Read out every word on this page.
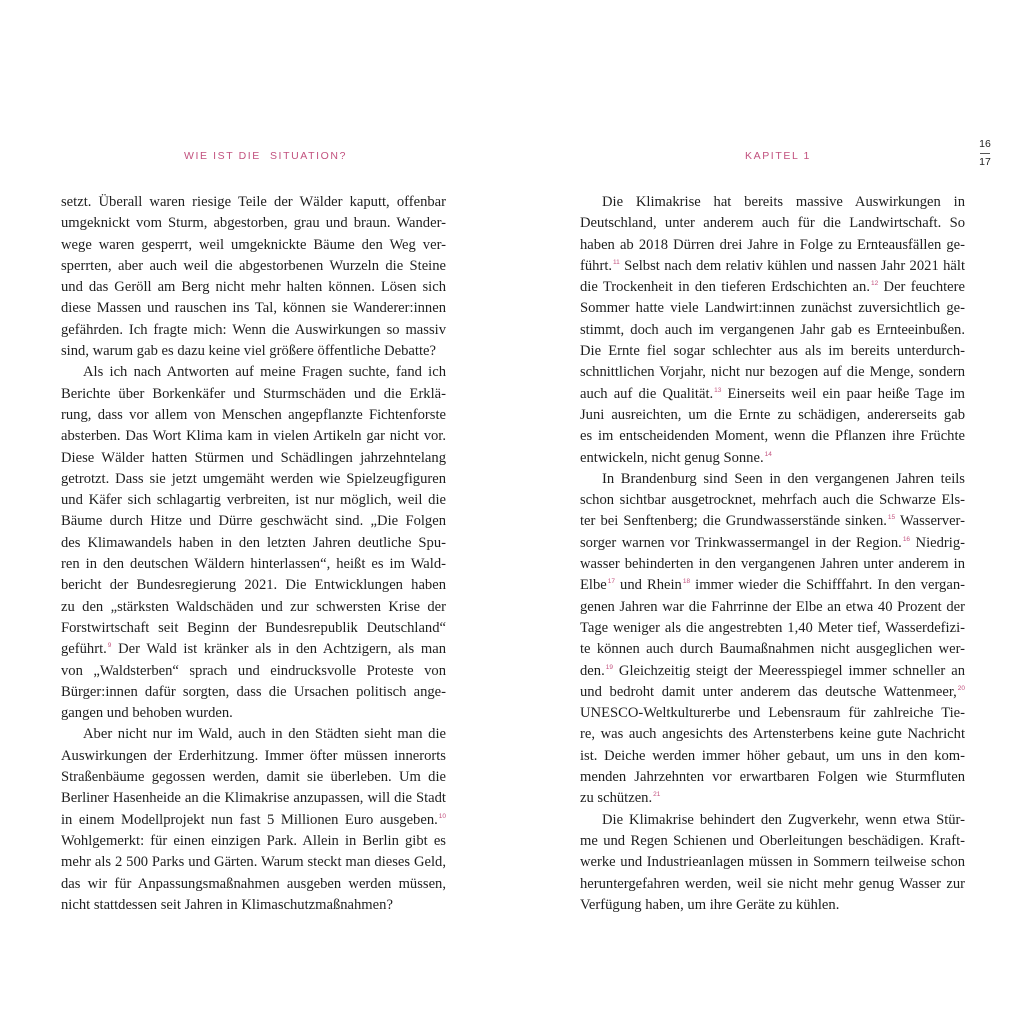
WIE IST DIE  SITUATION?	KAPITEL 1
16
17
setzt. Überall waren riesige Teile der Wälder kaputt, offenbar
umgeknickt vom Sturm, abgestorben, grau und braun. Wander-
wege waren gesperrt, weil umgeknickte Bäume den Weg ver-
sperrten, aber auch weil die abgestorbenen Wurzeln die Steine
und das Geröll am Berg nicht mehr halten können. Lösen sich
diese Massen und rauschen ins Tal, können sie Wanderer:innen
gefährden. Ich fragte mich: Wenn die Auswirkungen so massiv
sind, warum gab es dazu keine viel größere öffentliche Debatte?
Als ich nach Antworten auf meine Fragen suchte, fand ich
Berichte über Borkenkäfer und Sturmschäden und die Erklä-
rung, dass vor allem von Menschen angepflanzte Fichtenforste
absterben. Das Wort Klima kam in vielen Artikeln gar nicht vor.
Diese Wälder hatten Stürmen und Schädlingen jahrzehntelang
getrotzt. Dass sie jetzt umgemäht werden wie Spielzeugfiguren
und Käfer sich schlagartig verbreiten, ist nur möglich, weil die
Bäume durch Hitze und Dürre geschwächt sind. „Die Folgen
des Klimawandels haben in den letzten Jahren deutliche Spu-
ren in den deutschen Wäldern hinterlassen“, heißt es im Wald-
bericht der Bundesregierung 2021. Die Entwicklungen haben
zu den „stärksten Waldschäden und zur schwersten Krise der
Forstwirtschaft seit Beginn der Bundesrepublik Deutschland“
geführt.$^9$ Der Wald ist kränker als in den Achtzigern, als man
von „Waldsterben“ sprach und eindrucksvolle Proteste von
Bürger:innen dafür sorgten, dass die Ursachen politisch ange-
gangen und behoben wurden.
Aber nicht nur im Wald, auch in den Städten sieht man die
Auswirkungen der Erderhitzung. Immer öfter müssen innerorts
Straßenbäume gegossen werden, damit sie überleben. Um die
Berliner Hasenheide an die Klimakrise anzupassen, will die Stadt
in einem Modellprojekt nun fast 5 Millionen Euro ausgeben.$^{10}$
Wohlgemerkt: für einen einzigen Park. Allein in Berlin gibt es
mehr als 2 500 Parks und Gärten. Warum steckt man dieses Geld,
das wir für Anpassungsmaßnahmen ausgeben werden müssen,
nicht stattdessen seit Jahren in Klimaschutzmaßnahmen?
Die Klimakrise hat bereits massive Auswirkungen in
Deutschland, unter anderem auch für die Landwirtschaft. So
haben ab 2018 Dürren drei Jahre in Folge zu Ernteausfällen ge-
führt.$^{11}$ Selbst nach dem relativ kühlen und nassen Jahr 2021 hält
die Trockenheit in den tieferen Erdschichten an.$^{12}$ Der feuchtere
Sommer hatte viele Landwirt:innen zunächst zuversichtlich ge-
stimmt, doch auch im vergangenen Jahr gab es Ernteeinbußen.
Die Ernte fiel sogar schlechter aus als im bereits unterdurch-
schnittlichen Vorjahr, nicht nur bezogen auf die Menge, sondern
auch auf die Qualität.$^{13}$ Einerseits weil ein paar heiße Tage im
Juni ausreichten, um die Ernte zu schädigen, andererseits gab
es im entscheidenden Moment, wenn die Pflanzen ihre Früchte
entwickeln, nicht genug Sonne.$^{14}$
In Brandenburg sind Seen in den vergangenen Jahren teils
schon sichtbar ausgetrocknet, mehrfach auch die Schwarze Els-
ter bei Senftenberg; die Grundwasserstände sinken.$^{15}$ Wasserver-
sorger warnen vor Trinkwassermangel in der Region.$^{16}$ Niedrig-
wasser behinderten in den vergangenen Jahren unter anderem in
Elbe$^{17}$ und Rhein$^{18}$ immer wieder die Schifffahrt. In den vergan-
genen Jahren war die Fahrrinne der Elbe an etwa 40 Prozent der
Tage weniger als die angestrebten 1,40 Meter tief, Wasserdefizi-
te können auch durch Baumaßnahmen nicht ausgeglichen wer-
den.$^{19}$ Gleichzeitig steigt der Meeresspiegel immer schneller an
und bedroht damit unter anderem das deutsche Wattenmeer,$^{20}$
UNESCO-Weltkulturerbe und Lebensraum für zahlreiche Tie-
re, was auch angesichts des Artensterbens keine gute Nachricht
ist. Deiche werden immer höher gebaut, um uns in den kom-
menden Jahrzehnten vor erwartbaren Folgen wie Sturmfluten
zu schützen.$^{21}$
Die Klimakrise behindert den Zugverkehr, wenn etwa Stür-
me und Regen Schienen und Oberleitungen beschädigen. Kraft-
werke und Industrieanlagen müssen in Sommern teilweise schon
heruntergefahren werden, weil sie nicht mehr genug Wasser zur
Verfügung haben, um ihre Geräte zu kühlen.
